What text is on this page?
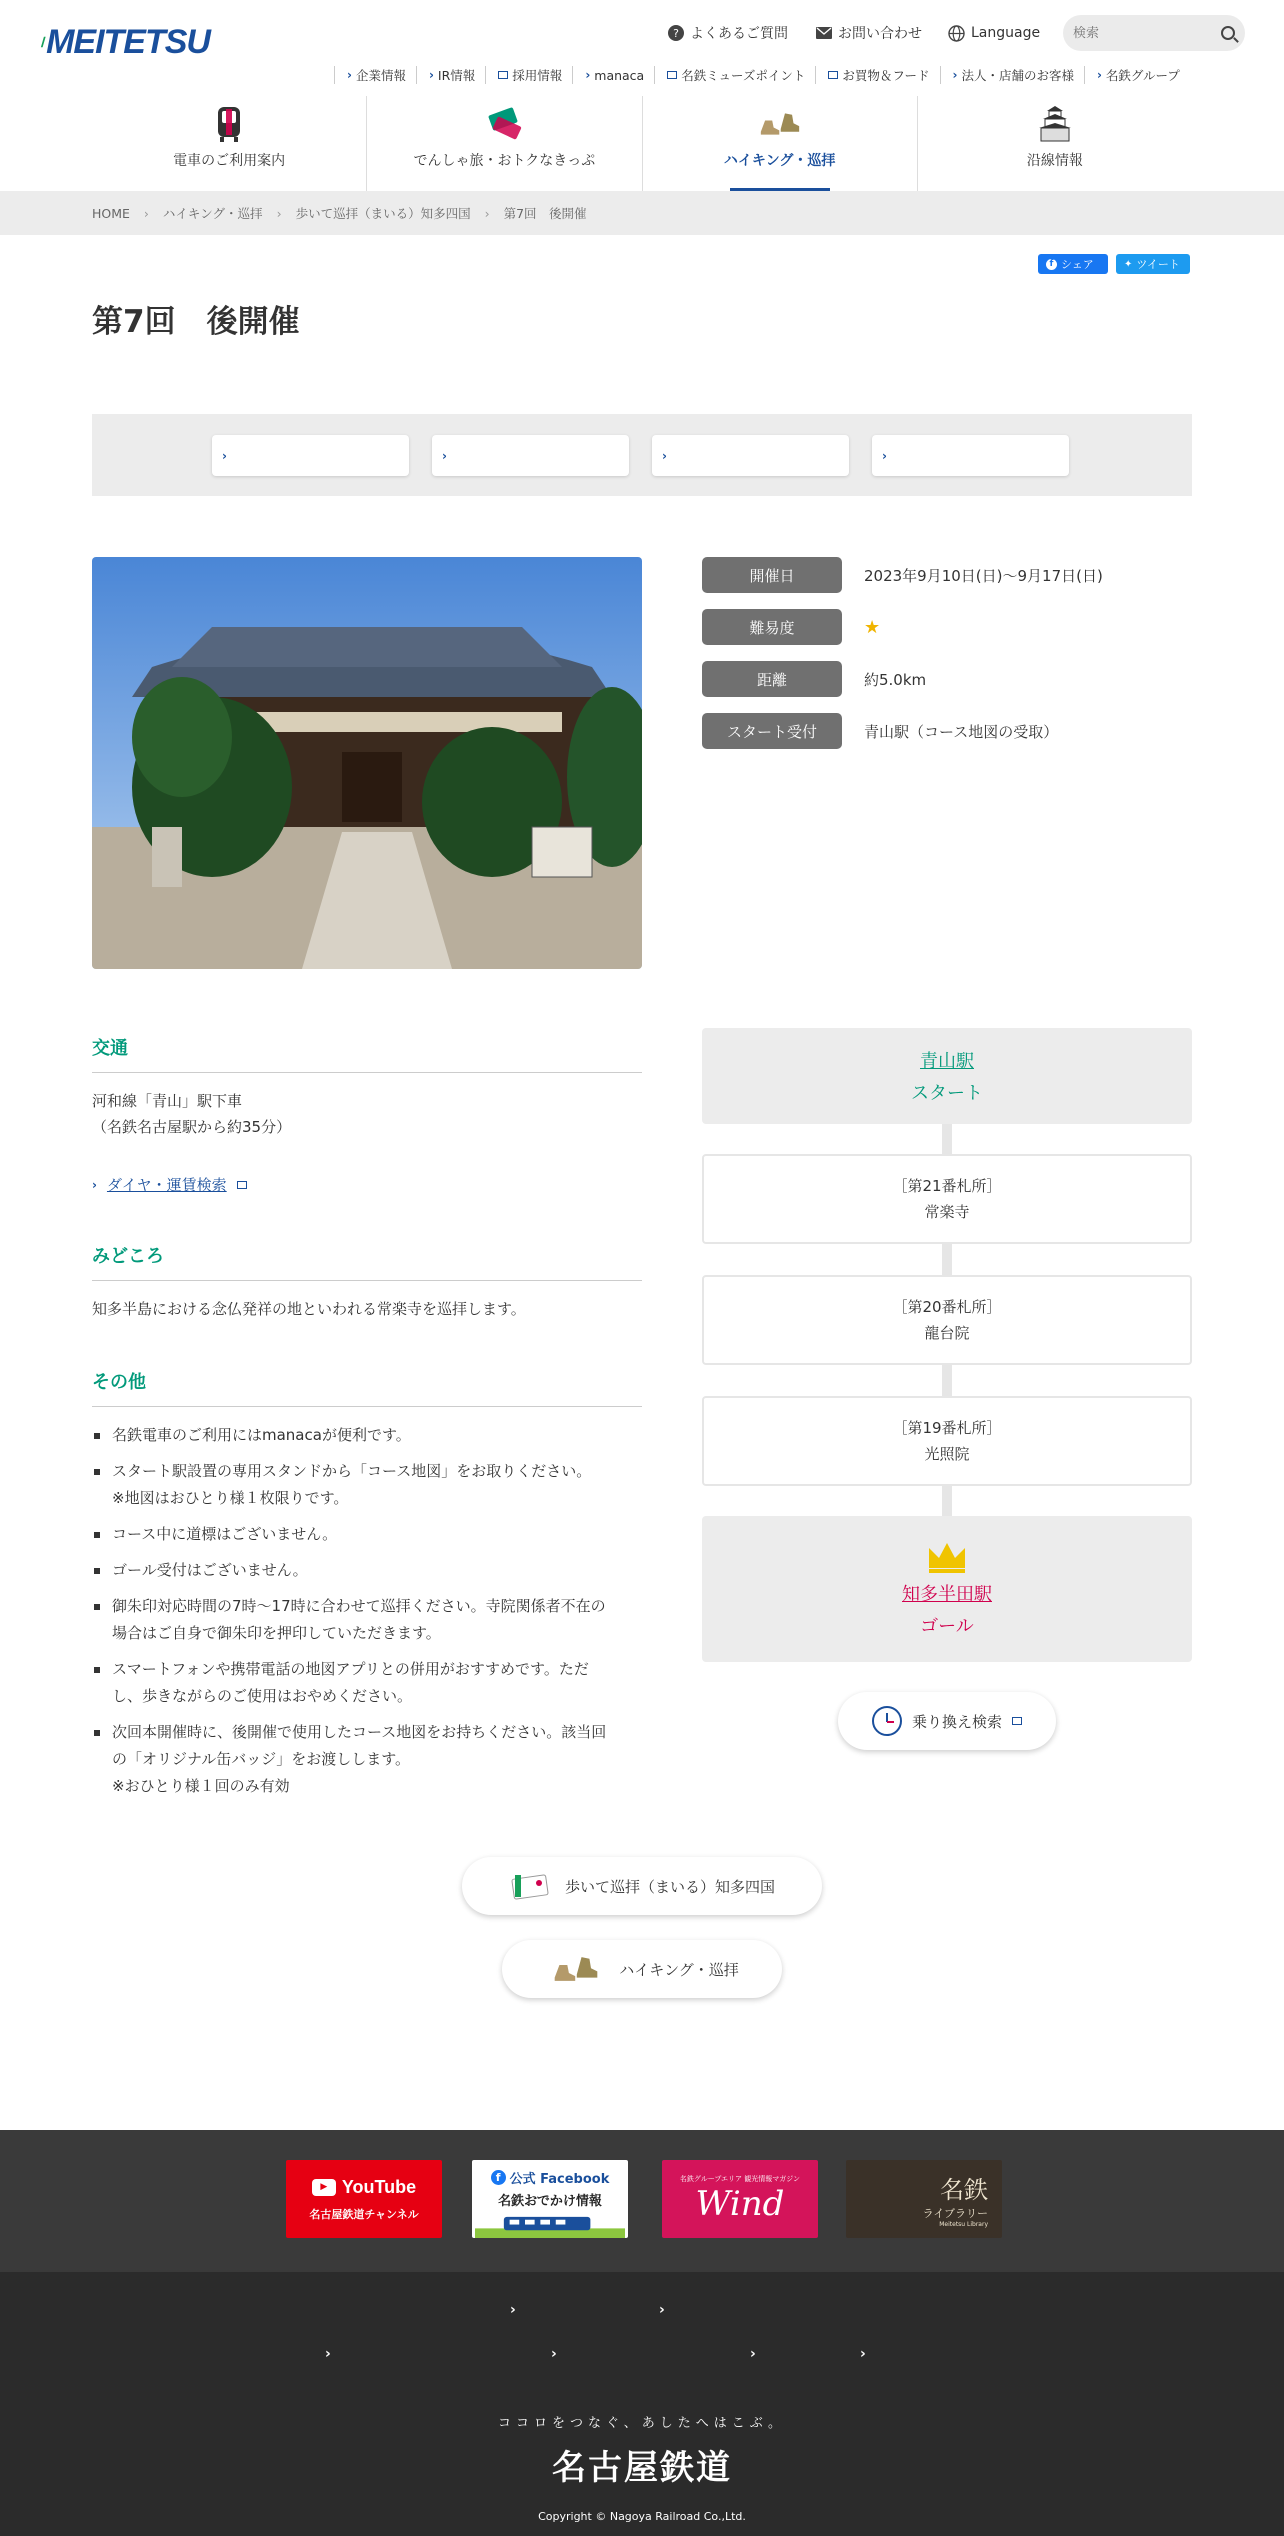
MEITETSU	? よくあるご質問	お問い合わせ	Language
検索
› 企業情報 › IR情報	採用情報 › manaca	名鉄ミューズポイント	お買物＆フード › 法人・店舗のお客様 › 名鉄グループ
電車のご利用案内	でんしゃ旅・おトクなきっぷ	ハイキング・巡拝	沿線情報
HOME › ハイキング・巡拝 › 歩いて巡拝（まいる）知多四国 › 第7回　後開催
f シェア	✦ ツイート
第7回　後開催
›	›	›	›
開催日	2023年9月10日(日)～9月17日(日)
難易度	★
距離	約5.0km
スタート受付	青山駅（コース地図の受取）
交通

河和線「青山」駅下車

（名鉄名古屋駅から約35分）

› ダイヤ・運賃検索
みどころ

知多半島における念仏発祥の地といわれる常楽寺を巡拝します。

その他
名鉄電車のご利用にはmanacaが便利です。
スタート駅設置の専用スタンドから「コース地図」をお取りください。
※地図はおひとり様１枚限りです。
コース中に道標はございません。
ゴール受付はございません。
御朱印対応時間の7時～17時に合わせて巡拝ください。寺院関係者不在の
場合はご自身で御朱印を押印していただきます。
スマートフォンや携帯電話の地図アプリとの併用がおすすめです。ただ
し、歩きながらのご使用はおやめください。
次回本開催時に、後開催で使用したコース地図をお持ちください。該当回
の「オリジナル缶バッジ」をお渡しします。
※おひとり様１回のみ有効
青山駅
スタート
［第21番札所］
常楽寺
［第20番札所］
龍台院
［第19番札所］
光照院
知多半田駅
ゴール
乗り換え検索
歩いて巡拝（まいる）知多四国
ハイキング・巡拝
▶ YouTube
名古屋鉄道チャンネル
f 公式 Facebook
名鉄おでかけ情報
名鉄グループエリア 観光情報マガジン
Wind	名鉄
ライブラリー
Meitetsu Library
›	›
›	›	›	›
ココロをつなぐ、あしたへはこぶ。
名古屋鉄道
Copyright © Nagoya Railroad Co.,Ltd.
